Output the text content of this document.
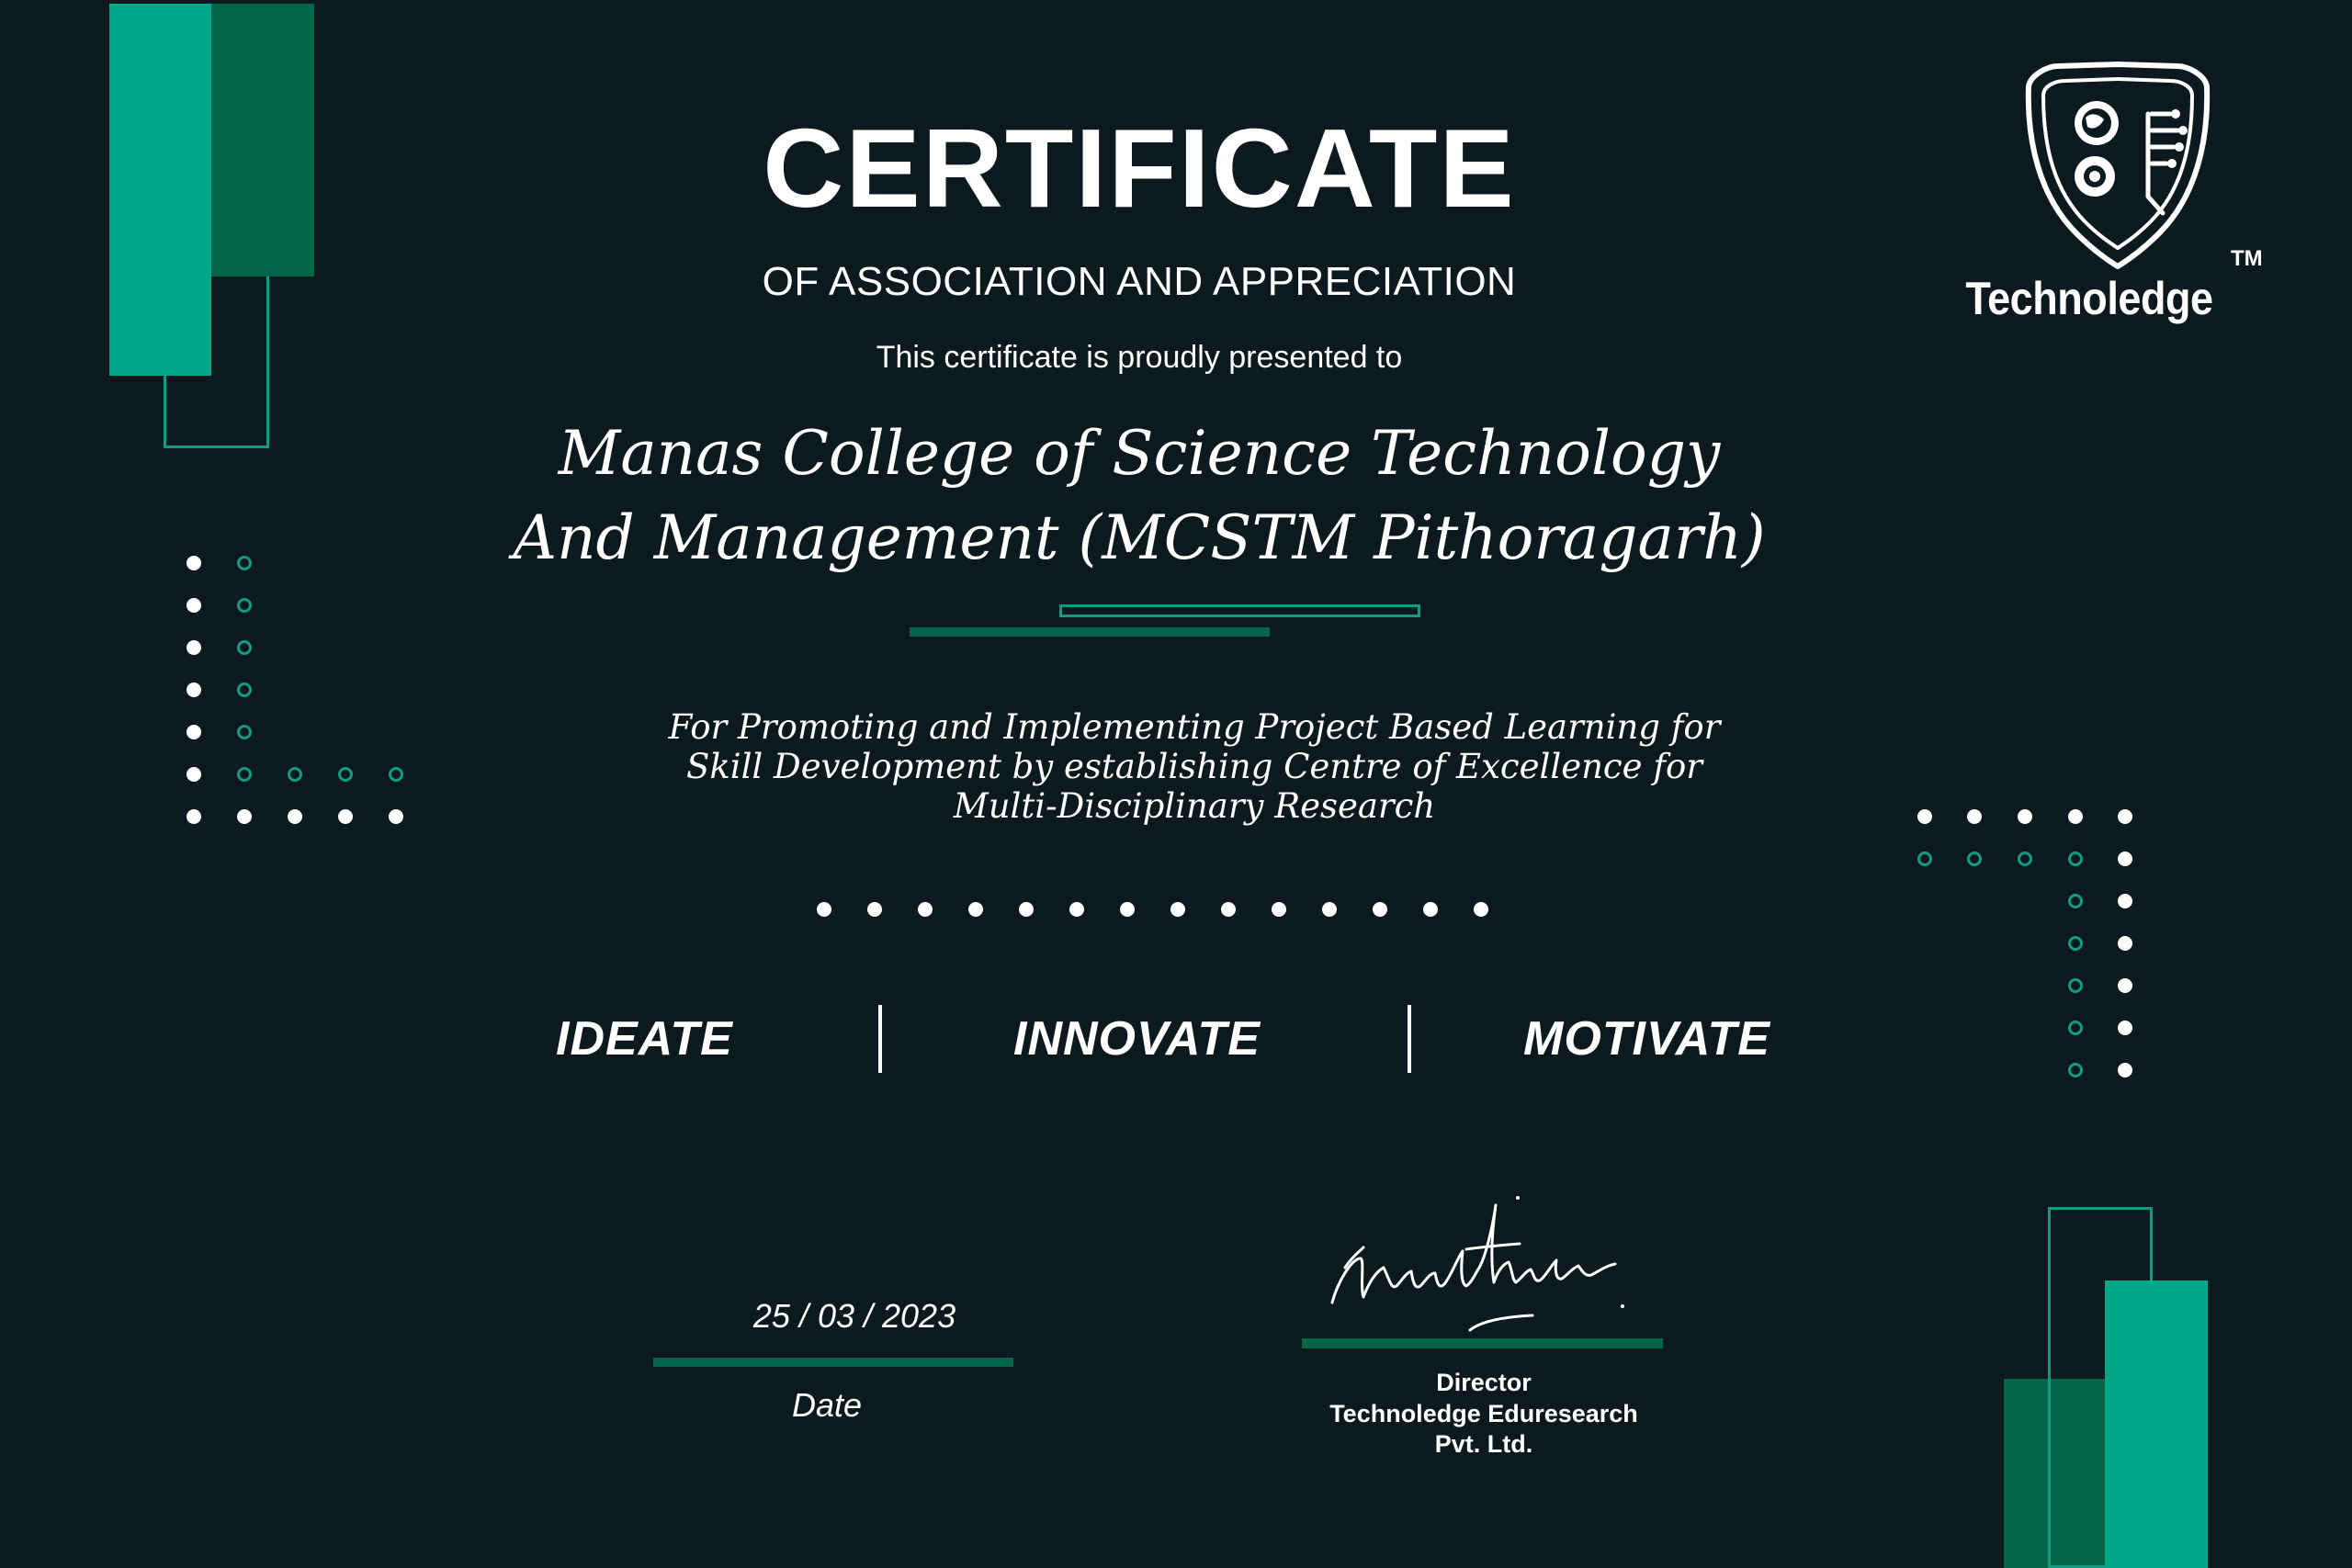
CERTIFICATE
OF ASSOCIATION AND APPRECIATION
This certificate is proudly presented to
Manas College of Science Technology
And Management (MCSTM Pithoragarh)
For Promoting and Implementing Project Based Learning for
Skill Development by establishing Centre of Excellence for
Multi-Disciplinary Research
IDEATE	INNOVATE	MOTIVATE
25 / 03 / 2023
Date
Director
Technoledge Eduresearch
Pvt. Ltd.
Technoledge
TM
